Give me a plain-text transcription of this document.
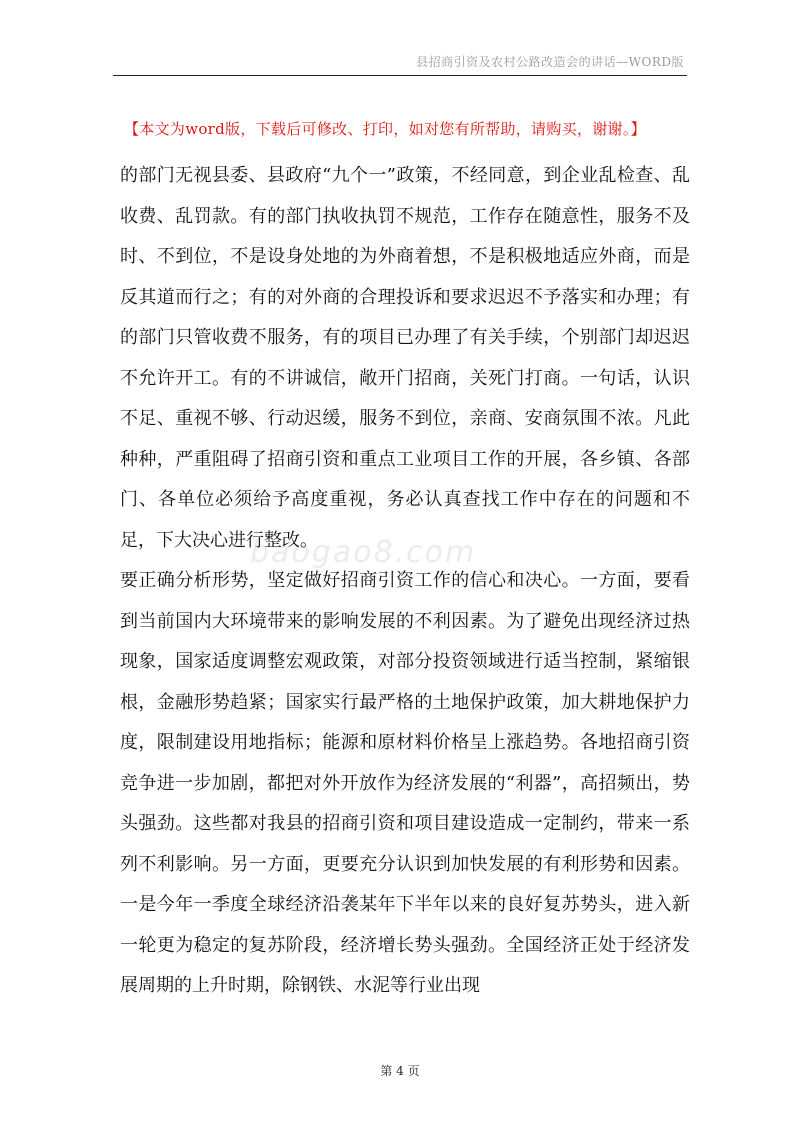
县招商引资及农村公路改造会的讲话—WORD版
【本文为word版，下载后可修改、打印，如对您有所帮助，请购买，谢谢。】
baogao8.com

的部门无视县委、县政府“九个一”政策，不经同意，到企业乱检查、乱收费、乱罚款。有的部门执收执罚不规范，工作存在随意性，服务不及时、不到位，不是设身处地的为外商着想，不是积极地适应外商，而是反其道而行之；有的对外商的合理投诉和要求迟迟不予落实和办理；有的部门只管收费不服务，有的项目已办理了有关手续，个别部门却迟迟不允许开工。有的不讲诚信，敞开门招商，关死门打商。一句话，认识不足、重视不够、行动迟缓，服务不到位，亲商、安商氛围不浓。凡此种种，严重阻碍了招商引资和重点工业项目工作的开展，各乡镇、各部门、各单位必须给予高度重视，务必认真查找工作中存在的问题和不足，下大决心进行整改。

要正确分析形势，坚定做好招商引资工作的信心和决心。一方面，要看到当前国内大环境带来的影响发展的不利因素。为了避免出现经济过热现象，国家适度调整宏观政策，对部分投资领域进行适当控制，紧缩银根，金融形势趋紧；国家实行最严格的土地保护政策，加大耕地保护力度，限制建设用地指标；能源和原材料价格呈上涨趋势。各地招商引资竞争进一步加剧，都把对外开放作为经济发展的“利器”，高招频出，势头强劲。这些都对我县的招商引资和项目建设造成一定制约，带来一系列不利影响。另一方面，更要充分认识到加快发展的有利形势和因素。一是今年一季度全球经济沿袭某年下半年以来的良好复苏势头，进入新一轮更为稳定的复苏阶段，经济增长势头强劲。全国经济正处于经济发展周期的上升时期，除钢铁、水泥等行业出现

第 4 页
